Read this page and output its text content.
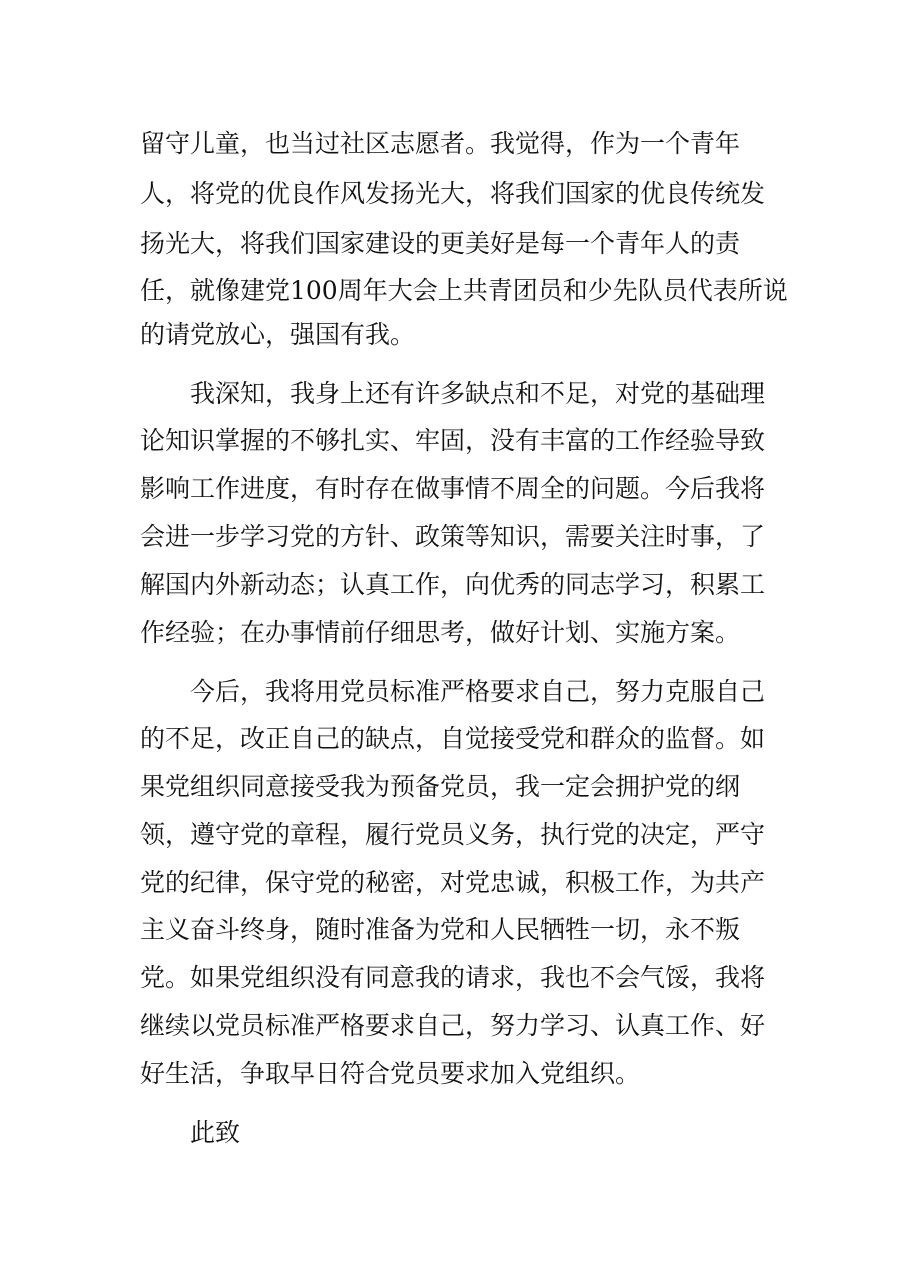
留守儿童，也当过社区志愿者。我觉得，作为一个青年
人，将党的优良作风发扬光大，将我们国家的优良传统发
扬光大，将我们国家建设的更美好是每一个青年人的责
任，就像建党100周年大会上共青团员和少先队员代表所说
的请党放心，强国有我。
我深知，我身上还有许多缺点和不足，对党的基础理
论知识掌握的不够扎实、牢固，没有丰富的工作经验导致
影响工作进度，有时存在做事情不周全的问题。今后我将
会进一步学习党的方针、政策等知识，需要关注时事，了
解国内外新动态；认真工作，向优秀的同志学习，积累工
作经验；在办事情前仔细思考，做好计划、实施方案。
今后，我将用党员标准严格要求自己，努力克服自己
的不足，改正自己的缺点，自觉接受党和群众的监督。如
果党组织同意接受我为预备党员，我一定会拥护党的纲
领，遵守党的章程，履行党员义务，执行党的决定，严守
党的纪律，保守党的秘密，对党忠诚，积极工作，为共产
主义奋斗终身，随时准备为党和人民牺牲一切，永不叛
党。如果党组织没有同意我的请求，我也不会气馁，我将
继续以党员标准严格要求自己，努力学习、认真工作、好
好生活，争取早日符合党员要求加入党组织。
此致
